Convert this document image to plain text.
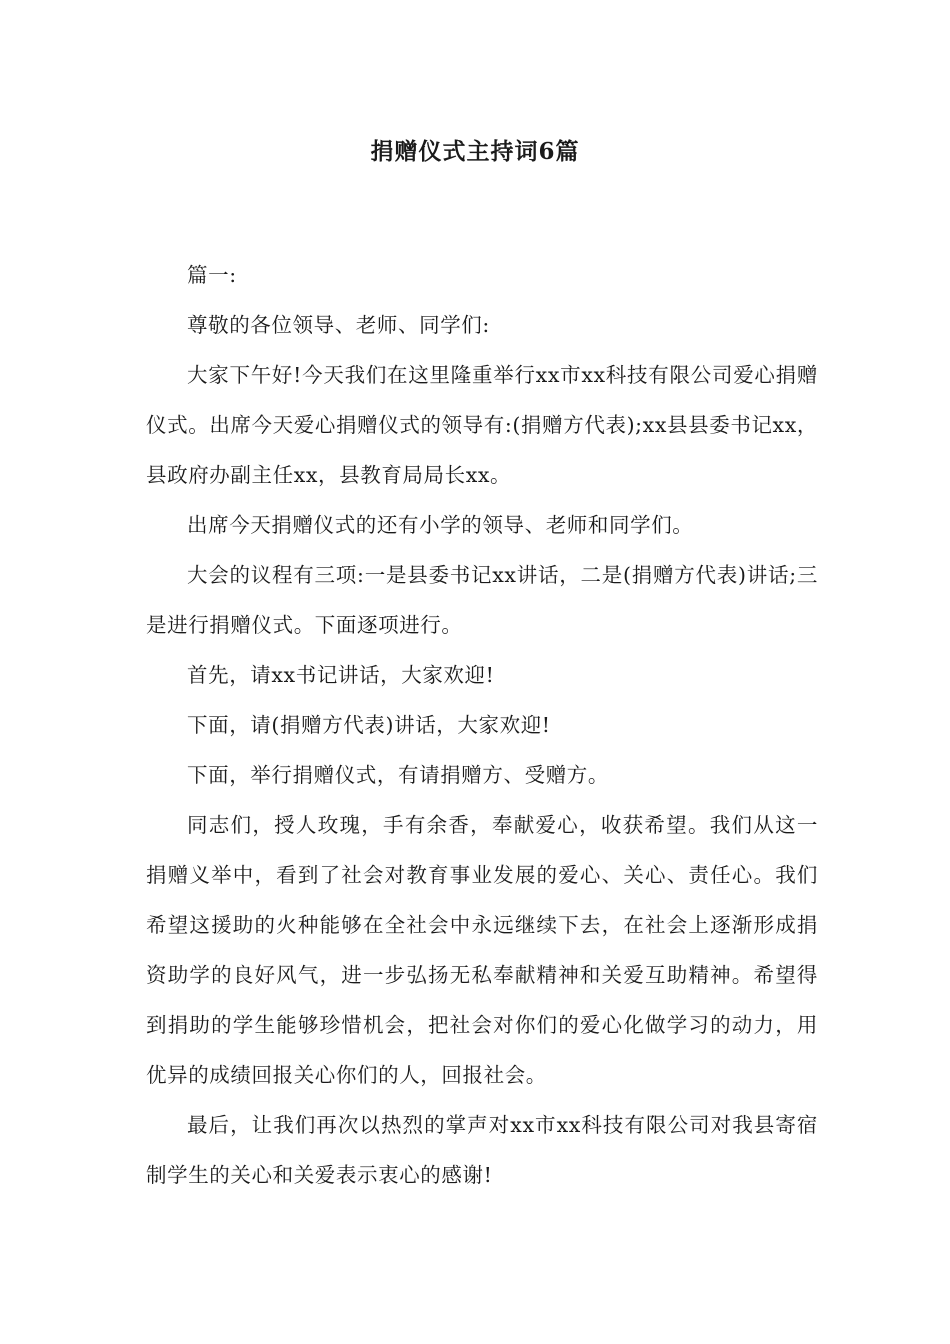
捐赠仪式主持词6篇

篇一:

尊敬的各位领导、老师、同学们:

大家下午好!今天我们在这里隆重举行xx市xx科技有限公司爱心捐赠仪式。出席今天爱心捐赠仪式的领导有:(捐赠方代表);xx县县委书记xx，县政府办副主任xx，县教育局局长xx。

出席今天捐赠仪式的还有小学的领导、老师和同学们。

大会的议程有三项:一是县委书记xx讲话，二是(捐赠方代表)讲话;三是进行捐赠仪式。下面逐项进行。

首先，请xx书记讲话，大家欢迎!

下面，请(捐赠方代表)讲话，大家欢迎!

下面，举行捐赠仪式，有请捐赠方、受赠方。

同志们，授人玫瑰，手有余香，奉献爱心，收获希望。我们从这一捐赠义举中，看到了社会对教育事业发展的爱心、关心、责任心。我们希望这援助的火种能够在全社会中永远继续下去，在社会上逐渐形成捐资助学的良好风气，进一步弘扬无私奉献精神和关爱互助精神。希望得到捐助的学生能够珍惜机会，把社会对你们的爱心化做学习的动力，用优异的成绩回报关心你们的人，回报社会。

最后，让我们再次以热烈的掌声对xx市xx科技有限公司对我县寄宿制学生的关心和关爱表示衷心的感谢!
